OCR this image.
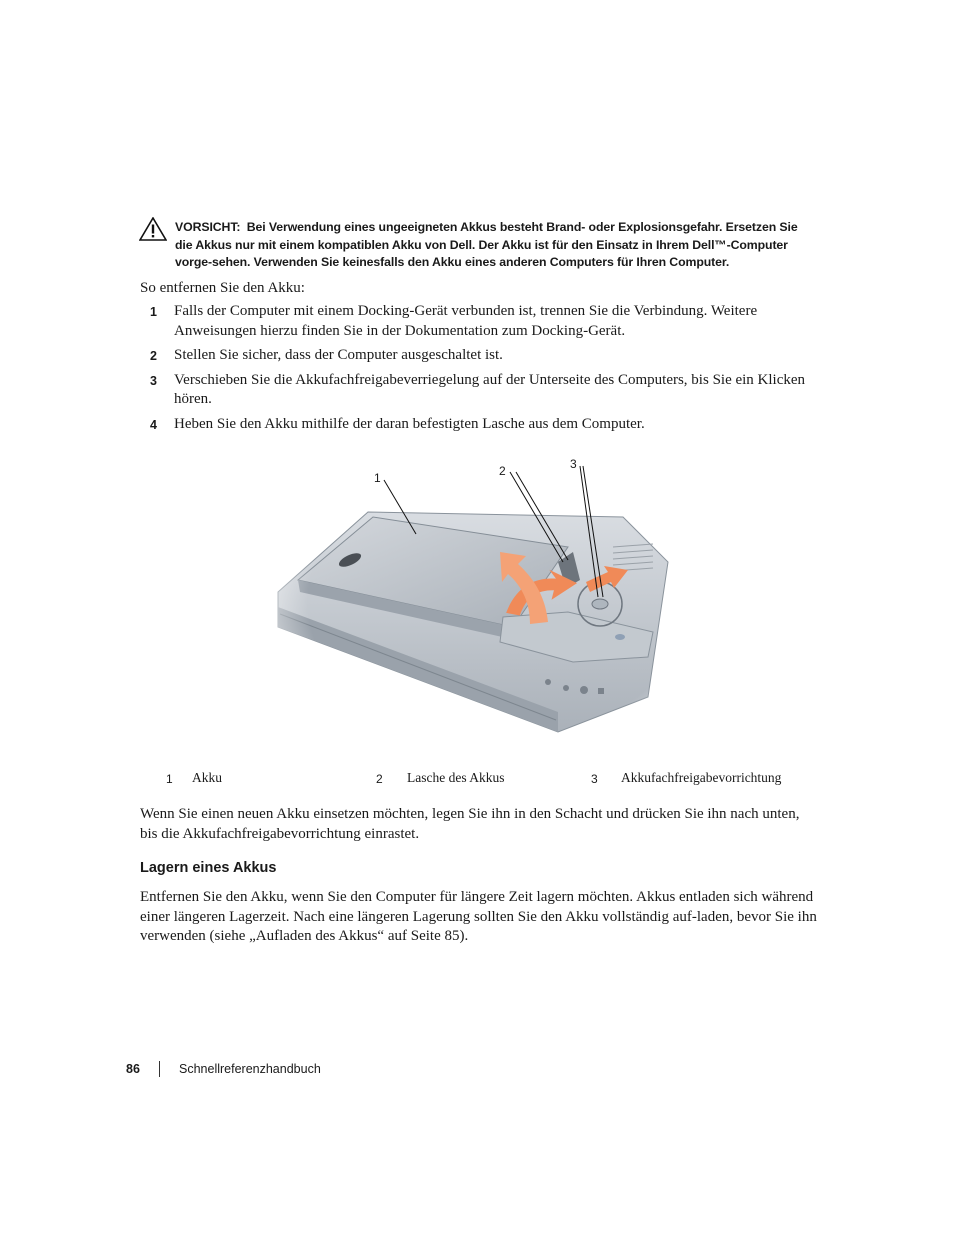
VORSICHT: Bei Verwendung eines ungeeigneten Akkus besteht Brand- oder Explosionsgefahr. Ersetzen Sie die Akkus nur mit einem kompatiblen Akku von Dell. Der Akku ist für den Einsatz in Ihrem Dell™-Computer vorge-sehen. Verwenden Sie keinesfalls den Akku eines anderen Computers für Ihren Computer.
So entfernen Sie den Akku:
1 Falls der Computer mit einem Docking-Gerät verbunden ist, trennen Sie die Verbindung. Weitere Anweisungen hierzu finden Sie in der Dokumentation zum Docking-Gerät.
2 Stellen Sie sicher, dass der Computer ausgeschaltet ist.
3 Verschieben Sie die Akkufachfreigabeverriegelung auf der Unterseite des Computers, bis Sie ein Klicken hören.
4 Heben Sie den Akku mithilfe der daran befestigten Lasche aus dem Computer.
1	2	3
1 Akku	2 Lasche des Akkus	3 Akkufachfreigabevorrichtung
Wenn Sie einen neuen Akku einsetzen möchten, legen Sie ihn in den Schacht und drücken Sie ihn nach unten, bis die Akkufachfreigabevorrichtung einrastet.
Lagern eines Akkus
Entfernen Sie den Akku, wenn Sie den Computer für längere Zeit lagern möchten. Akkus entladen sich während einer längeren Lagerzeit. Nach eine längeren Lagerung sollten Sie den Akku vollständig auf-laden, bevor Sie ihn verwenden (siehe „Aufladen des Akkus“ auf Seite 85).
86	Schnellreferenzhandbuch
